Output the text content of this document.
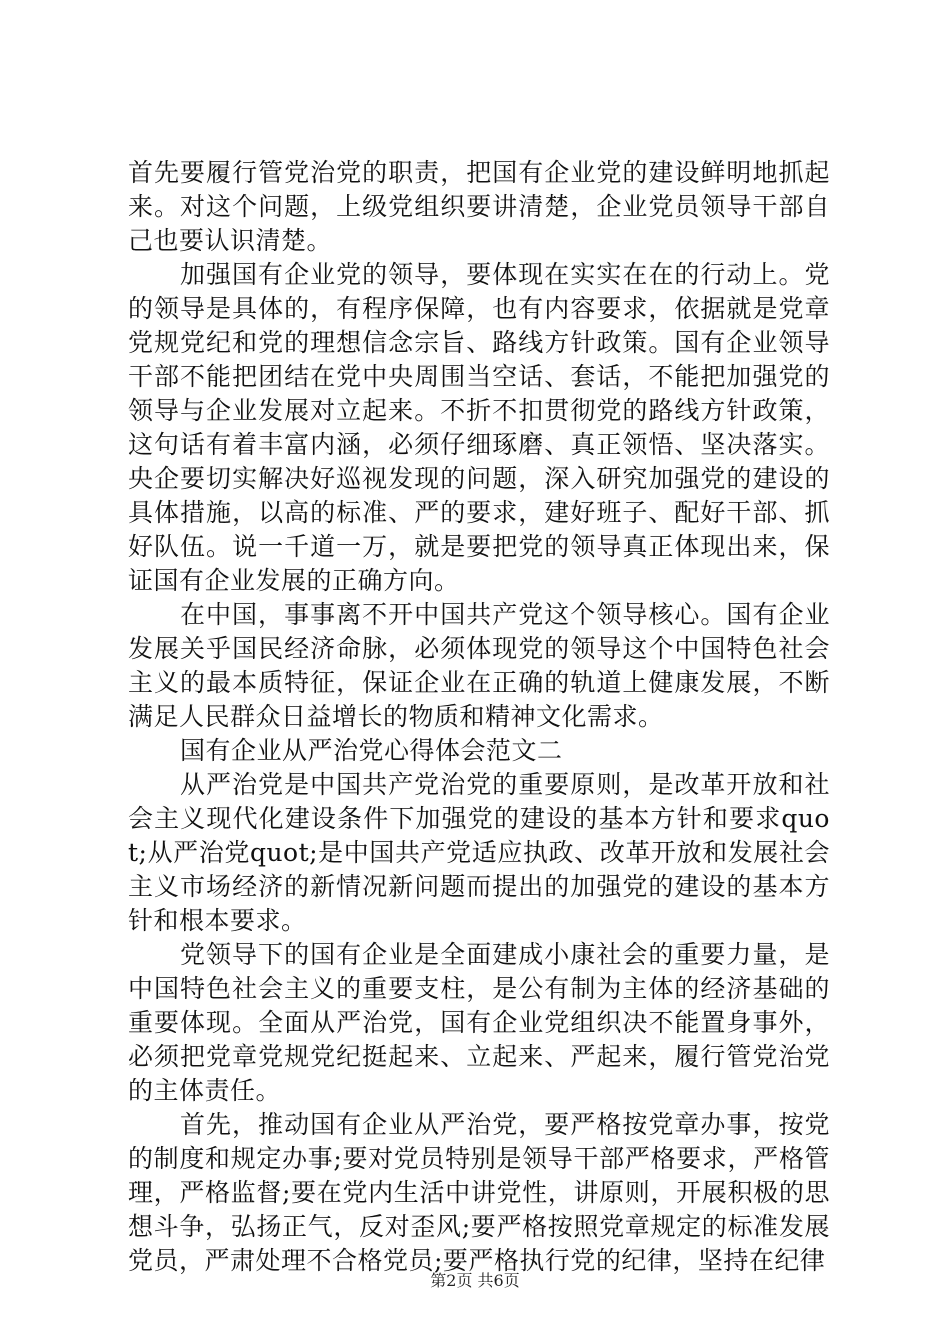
首先要履行管党治党的职责，把国有企业党的建设鲜明地抓起来。对这个问题，上级党组织要讲清楚，企业党员领导干部自己也要认识清楚。

加强国有企业党的领导，要体现在实实在在的行动上。党的领导是具体的，有程序保障，也有内容要求，依据就是党章党规党纪和党的理想信念宗旨、路线方针政策。国有企业领导干部不能把团结在党中央周围当空话、套话，不能把加强党的领导与企业发展对立起来。不折不扣贯彻党的路线方针政策，这句话有着丰富内涵，必须仔细琢磨、真正领悟、坚决落实。央企要切实解决好巡视发现的问题，深入研究加强党的建设的具体措施，以高的标准、严的要求，建好班子、配好干部、抓好队伍。说一千道一万，就是要把党的领导真正体现出来，保证国有企业发展的正确方向。

在中国，事事离不开中国共产党这个领导核心。国有企业发展关乎国民经济命脉，必须体现党的领导这个中国特色社会主义的最本质特征，保证企业在正确的轨道上健康发展，不断满足人民群众日益增长的物质和精神文化需求。

国有企业从严治党心得体会范文二

从严治党是中国共产党治党的重要原则，是改革开放和社会主义现代化建设条件下加强党的建设的基本方针和要求quot;从严治党quot;是中国共产党适应执政、改革开放和发展社会主义市场经济的新情况新问题而提出的加强党的建设的基本方针和根本要求。

党领导下的国有企业是全面建成小康社会的重要力量，是中国特色社会主义的重要支柱，是公有制为主体的经济基础的重要体现。全面从严治党，国有企业党组织决不能置身事外，必须把党章党规党纪挺起来、立起来、严起来，履行管党治党的主体责任。

首先，推动国有企业从严治党，要严格按党章办事，按党的制度和规定办事;要对党员特别是领导干部严格要求，严格管理，严格监督;要在党内生活中讲党性，讲原则，开展积极的思想斗争，弘扬正气，反对歪风;要严格按照党章规定的标准发展党员，严肃处理不合格党员;要严格执行党的纪律，坚持在纪律

第2页 共6页
